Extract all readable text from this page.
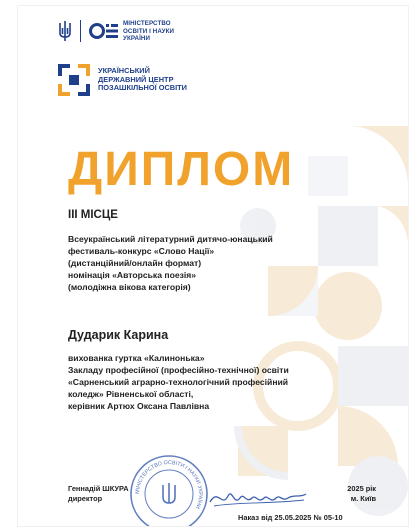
МІНІСТЕРСТВО ОСВІТИ І НАУКИ УКРАЇНИ
УКРАЇНСЬКИЙ ДЕРЖАВНИЙ ЦЕНТР ПОЗАШКІЛЬНОЇ ОСВІТИ
ДИПЛОМ
III МІСЦЕ
Всеукраїнський літературний дитячо-юнацький
фестиваль-конкурс «Слово Нації»
(дистанційний/онлайн формат)
номінація «Авторська поезія»
(молодіжна вікова категорія)
Дударик Карина
вихованка гуртка «Калинонька»
Закладу професійної (професійно-технічної) освіти
«Сарненський аграрно-технологічний професійний
коледж» Рівненської області,
керівник Артюх Оксана Павлівна
МІНІСТЕРСТВО ОСВІТИ І НАУКИ УКРАЇНИ
Геннадій ШКУРА
директор
2025 рік
м. Київ
Наказ від 25.05.2025 № 05-10
